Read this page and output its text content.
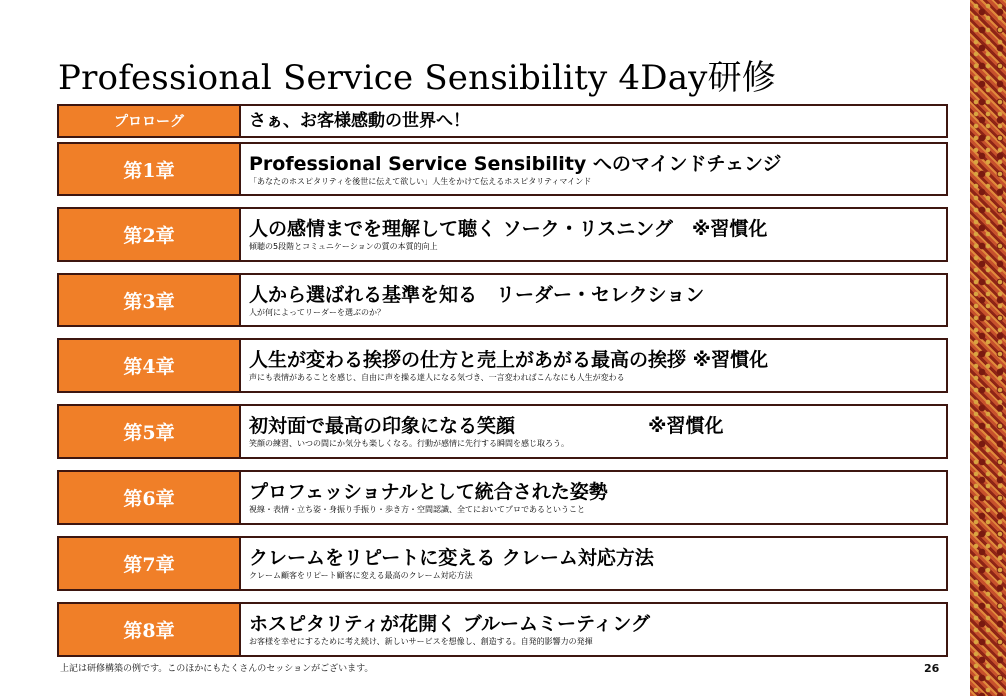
Professional Service Sensibility 4Day研修
プロローグ	さぁ、お客様感動の世界へ！
第1章	Professional Service Sensibility へのマインドチェンジ
「あなたのホスピタリティを後世に伝えて欲しい」人生をかけて伝えるホスピタリティマインド
第2章	人の感情までを理解して聴く ソーク・リスニング　※習慣化
傾聴の5段階とコミュニケーションの質の本質的向上
第3章	人から選ばれる基準を知る　リーダー・セレクション
人が何によってリーダーを選ぶのか？
第4章	人生が変わる挨拶の仕方と売上があがる最高の挨拶 ※習慣化
声にも表情があることを感じ、自由に声を操る達人になる気づき、一言変わればこんなにも人生が変わる
第5章	初対面で最高の印象になる笑顔　　　　　　　※習慣化
笑顔の練習、いつの間にか気分も楽しくなる。行動が感情に先行する瞬間を感じ取ろう。
第6章	プロフェッショナルとして統合された姿勢
視線・表情・立ち姿・身振り手振り・歩き方・空間認識、全てにおいてプロであるということ
第7章	クレームをリピートに変える クレーム対応方法
クレーム顧客をリピート顧客に変える最高のクレーム対応方法
第8章	ホスピタリティが花開く ブルームミーティング
お客様を幸せにするために考え続け、新しいサービスを想像し、創造する。自発的影響力の発揮
上記は研修構築の例です。このほかにもたくさんのセッションがございます。	26
